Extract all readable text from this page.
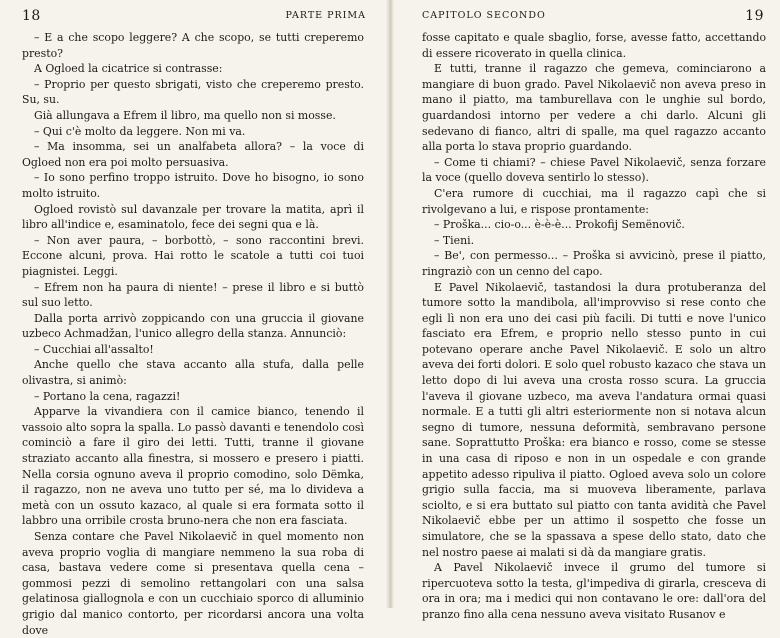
18	PARTE PRIMA

– E a che scopo leggere? A che scopo, se tutti creperemo presto?

A Ogloed la cicatrice si contrasse:

– Proprio per questo sbrigati, visto che creperemo presto. Su, su.

Già allungava a Efrem il libro, ma quello non si mosse.

– Qui c'è molto da leggere. Non mi va.

– Ma insomma, sei un analfabeta allora? – la voce di Ogloed non era poi molto persuasiva.

– Io sono perfino troppo istruito. Dove ho bisogno, io sono molto istruito.

Ogloed rovistò sul davanzale per trovare la matita, aprì il libro all'indice e, esaminatolo, fece dei segni qua e là.

– Non aver paura, – borbottò, – sono raccontini brevi. Eccone alcuni, prova. Hai rotto le scatole a tutti coi tuoi piagnistei. Leggi.

– Efrem non ha paura di niente! – prese il libro e si buttò sul suo letto.

Dalla porta arrivò zoppicando con una gruccia il giovane uzbeco Achmadžan, l'unico allegro della stanza. Annunciò:

– Cucchiai all'assalto!

Anche quello che stava accanto alla stufa, dalla pelle olivastra, si animò:

– Portano la cena, ragazzi!

Apparve la vivandiera con il camice bianco, tenendo il vassoio alto sopra la spalla. Lo passò davanti e tenendolo così cominciò a fare il giro dei letti. Tutti, tranne il giovane straziato accanto alla finestra, si mossero e presero i piatti. Nella corsia ognuno aveva il proprio comodino, solo Dëmka, il ragazzo, non ne aveva uno tutto per sé, ma lo divideva a metà con un ossuto kazaco, al quale si era formata sotto il labbro una orribile crosta bruno-nera che non era fasciata.

Senza contare che Pavel Nikolaevič in quel momento non aveva proprio voglia di mangiare nemmeno la sua roba di casa, bastava vedere come si presentava quella cena – gommosi pezzi di semolino rettangolari con una salsa gelatinosa giallognola e con un cucchiaio sporco di alluminio grigio dal manico contorto, per ricordarsi ancora una volta dove

CAPITOLO SECONDO	19

fosse capitato e quale sbaglio, forse, avesse fatto, accettando di essere ricoverato in quella clinica.

E tutti, tranne il ragazzo che gemeva, cominciarono a mangiare di buon grado. Pavel Nikolaevič non aveva preso in mano il piatto, ma tamburellava con le unghie sul bordo, guardandosi intorno per vedere a chi darlo. Alcuni gli sedevano di fianco, altri di spalle, ma quel ragazzo accanto alla porta lo stava proprio guardando.

– Come ti chiami? – chiese Pavel Nikolaevič, senza forzare la voce (quello doveva sentirlo lo stesso).

C'era rumore di cucchiai, ma il ragazzo capì che si rivolgevano a lui, e rispose prontamente:

– Proška... cio-o... è-è-è... Prokofij Semënovič.

– Tieni.

– Be', con permesso... – Proška si avvicinò, prese il piatto, ringraziò con un cenno del capo.

E Pavel Nikolaevič, tastandosi la dura protuberanza del tumore sotto la mandibola, all'improvviso si rese conto che egli lì non era uno dei casi più facili. Di tutti e nove l'unico fasciato era Efrem, e proprio nello stesso punto in cui potevano operare anche Pavel Nikolaevič. E solo un altro aveva dei forti dolori. E solo quel robusto kazaco che stava un letto dopo di lui aveva una crosta rosso scura. La gruccia l'aveva il giovane uzbeco, ma aveva l'andatura ormai quasi normale. E a tutti gli altri esteriormente non si notava alcun segno di tumore, nessuna deformità, sembravano persone sane. Soprattutto Proška: era bianco e rosso, come se stesse in una casa di riposo e non in un ospedale e con grande appetito adesso ripuliva il piatto. Ogloed aveva solo un colore grigio sulla faccia, ma si muoveva liberamente, parlava sciolto, e si era buttato sul piatto con tanta avidità che Pavel Nikolaevič ebbe per un attimo il sospetto che fosse un simulatore, che se la spassava a spese dello stato, dato che nel nostro paese ai malati si dà da mangiare gratis.

A Pavel Nikolaevič invece il grumo del tumore si ripercuoteva sotto la testa, gl'impediva di girarla, cresceva di ora in ora; ma i medici qui non contavano le ore: dall'ora del pranzo fino alla cena nessuno aveva visitato Rusanov e
